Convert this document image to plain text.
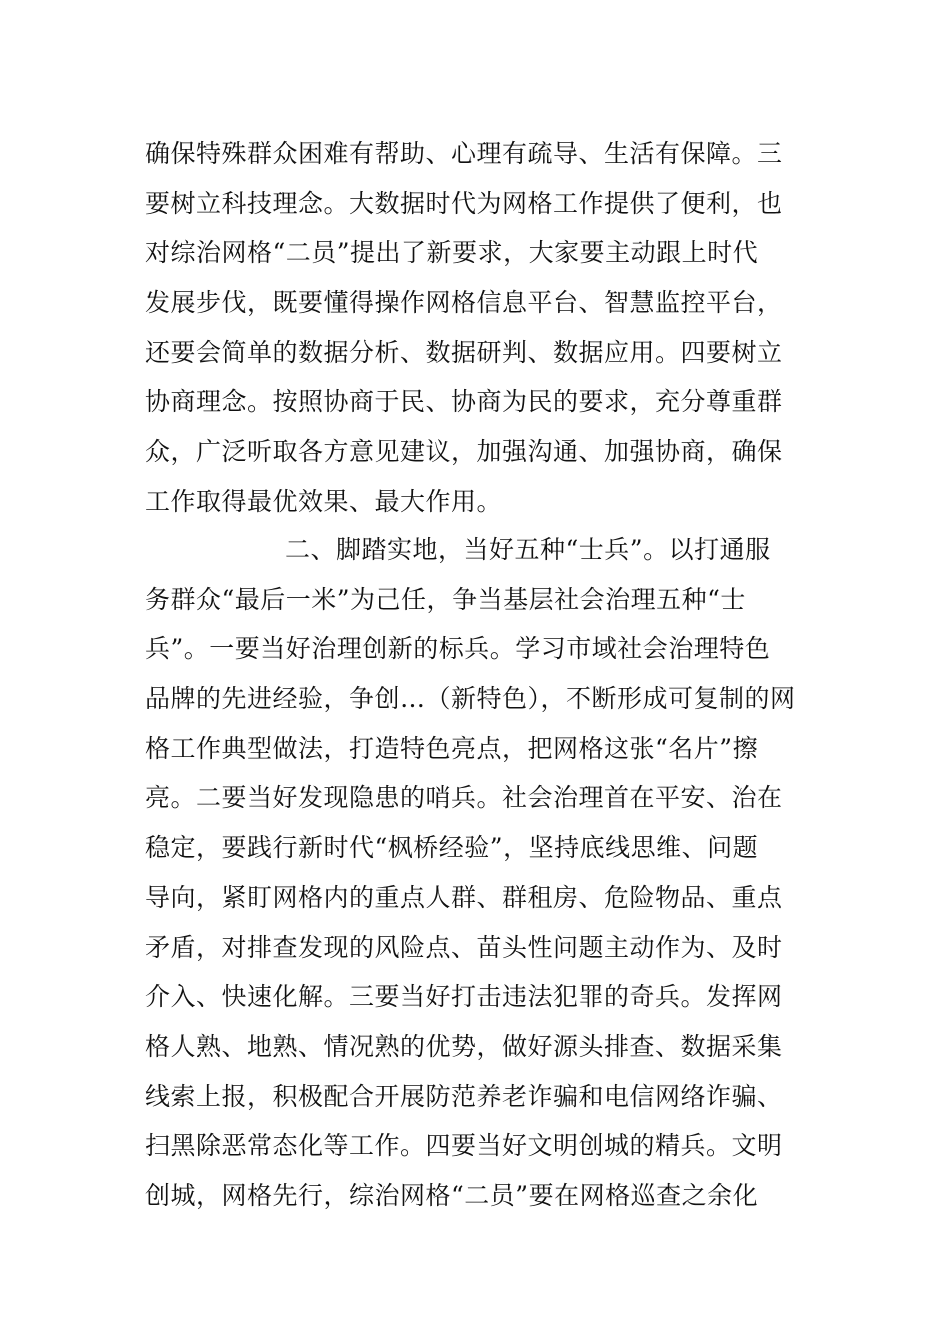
确保特殊群众困难有帮助、心理有疏导、生活有保障。三
要树立科技理念。大数据时代为网格工作提供了便利，也
对综治网格“二员”提出了新要求，大家要主动跟上时代
发展步伐，既要懂得操作网格信息平台、智慧监控平台，
还要会简单的数据分析、数据研判、数据应用。四要树立
协商理念。按照协商于民、协商为民的要求，充分尊重群
众，广泛听取各方意见建议，加强沟通、加强协商，确保
工作取得最优效果、最大作用。
二、脚踏实地，当好五种“士兵”。以打通服
务群众“最后一米”为己任，争当基层社会治理五种“士
兵”。一要当好治理创新的标兵。学习市域社会治理特色
品牌的先进经验，争创…（新特色），不断形成可复制的网
格工作典型做法，打造特色亮点，把网格这张“名片”擦
亮。二要当好发现隐患的哨兵。社会治理首在平安、治在
稳定，要践行新时代“枫桥经验”，坚持底线思维、问题
导向，紧盯网格内的重点人群、群租房、危险物品、重点
矛盾，对排查发现的风险点、苗头性问题主动作为、及时
介入、快速化解。三要当好打击违法犯罪的奇兵。发挥网
格人熟、地熟、情况熟的优势，做好源头排查、数据采集
线索上报，积极配合开展防范养老诈骗和电信网络诈骗、
扫黑除恶常态化等工作。四要当好文明创城的精兵。文明
创城，网格先行，综治网格“二员”要在网格巡查之余化
